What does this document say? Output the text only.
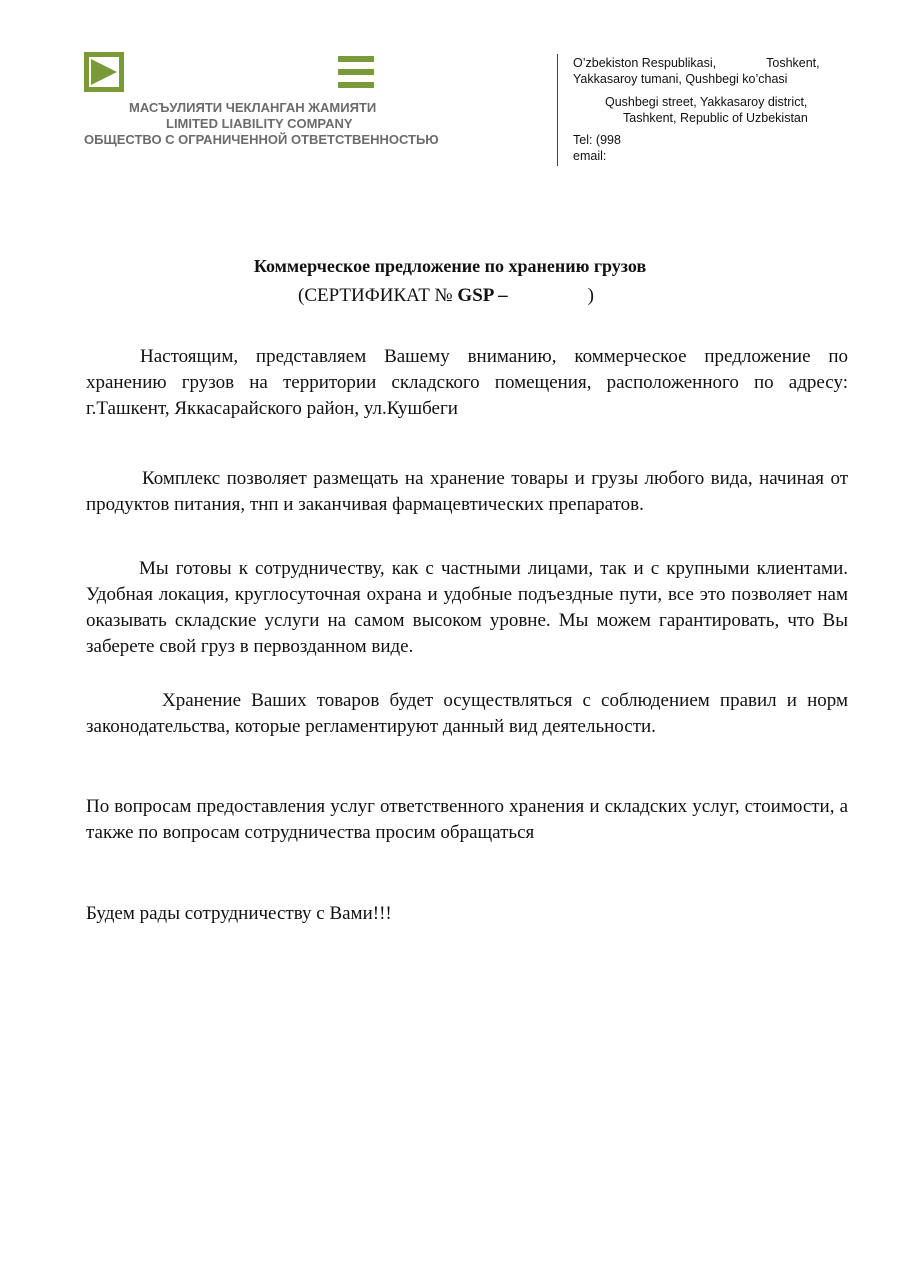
МАСЪУЛИЯТИ ЧЕКЛАНГАН ЖАМИЯТИ
LIMITED LIABILITY COMPANY
ОБЩЕСТВО С ОГРАНИЧЕННОЙ ОТВЕТСТВЕННОСТЬЮ
O’zbekiston Respublikasi,	Toshkent,
Yakkasaroy tumani, Qushbegi ko’chasi
Qushbegi street, Yakkasaroy district,
Tashkent, Republic of Uzbekistan
Tel: (998
email:
Коммерческое предложение по хранению грузов
(СЕРТИФИКАТ № GSP –	)
Настоящим, представляем Вашему вниманию, коммерческое предложение по хранению грузов на территории складского помещения, расположенного по адресу: г.Ташкент, Яккасарайского район, ул.Кушбеги
Комплекс позволяет размещать на хранение товары и грузы любого вида, начиная от продуктов питания, тнп и заканчивая фармацевтических препаратов.
Мы готовы к сотрудничеству, как с частными лицами, так и с крупными клиентами. Удобная локация, круглосуточная охрана и удобные подъездные пути, все это позволяет нам оказывать складские услуги на самом высоком уровне. Мы можем гарантировать, что Вы заберете свой груз в первозданном виде.
Хранение Ваших товаров будет осуществляться с соблюдением правил и норм законодательства, которые регламентируют данный вид деятельности.
По вопросам предоставления услуг ответственного хранения и складских услуг, стоимости, а также по вопросам сотрудничества просим обращаться
Будем рады сотрудничеству с Вами!!!
